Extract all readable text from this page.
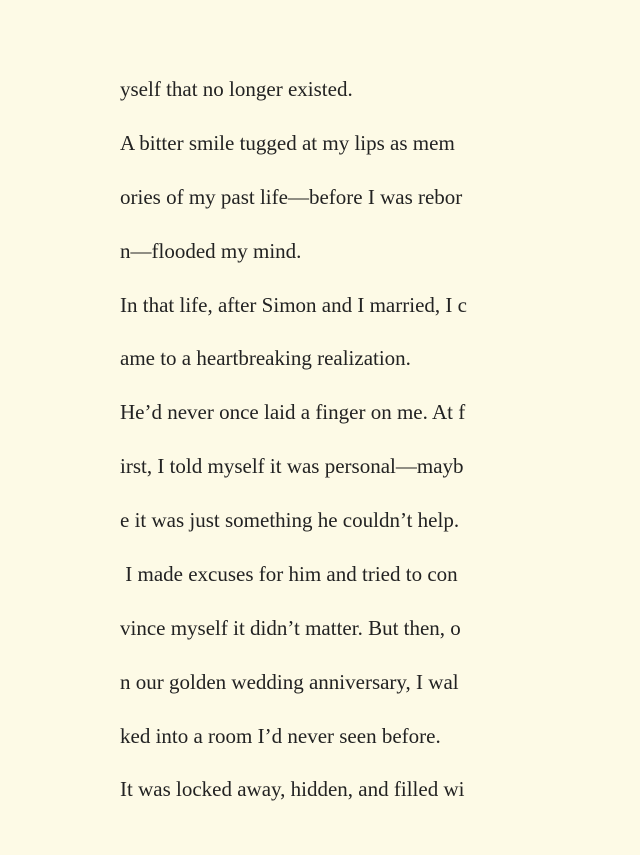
yself that no longer existed.
A bitter smile tugged at my lips as mem
ories of my past life—before I was rebor
n—flooded my mind.
In that life, after Simon and I married, I c
ame to a heartbreaking realization.
He’d never once laid a finger on me. At f
irst, I told myself it was personal—mayb
e it was just something he couldn’t help.
I made excuses for him and tried to con
vince myself it didn’t matter. But then, o
n our golden wedding anniversary, I wal
ked into a room I’d never seen before.
It was locked away, hidden, and filled wi
